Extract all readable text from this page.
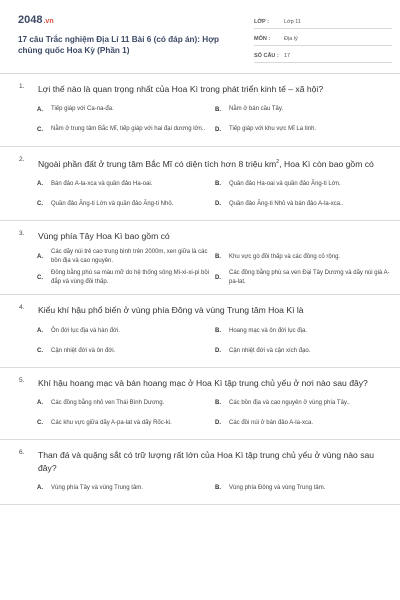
2048.vn
17 câu Trắc nghiệm Địa Lí 11 Bài 6 (có đáp án): Hợp chủng quốc Hoa Kỳ (Phần 1)
LỚP :	Lớp 11
MÔN :	Địa lý
SỐ CÂU : 17
1. Lợi thế nào là quan trọng nhất của Hoa Kì trong phát triển kinh tế – xã hội?
A.	Tiếp giáp với Ca-na-đa.	B.	Nằm ở bán cầu Tây.
C.	Nằm ở trung tâm Bắc Mĩ, tiếp giáp với hai đại dương lớn.. D.	Tiếp giáp với khu vực Mĩ La tinh.
2. Ngoài phần đất ở trung tâm Bắc Mĩ có diện tích hơn 8 triệu $km^2$, Hoa Kì còn bao gồm có
A.	Bán đảo A-la-xca và quần đảo Ha-oai.	B.	Quần đảo Ha-oai và quần đảo Ăng-ti Lớn.
C.	Quần đảo Ăng-ti Lớn và quần đảo Ăng-ti Nhỏ.	D.	Quần đảo Ăng-ti Nhỏ và bán đảo A-la-xca..
3. Vùng phía Tây Hoa Kì bao gồm có
A.
Các dãy núi trẻ cao trung bình trên 2000m, xen giữa là các bồn địa và cao nguyên.
B.	Khu vực gò đồi thấp và các đồng cỏ rộng.
C.
Đồng bằng phù sa màu mỡ do hệ thống sông Mi-xi-xi-pi bồi đắp và vùng đồi thấp.
D.
Các đồng bằng phù sa ven Đại Tây Dương và dãy núi già A-pa-lat.
4. Kiểu khí hậu phổ biến ở vùng phía Đông và vùng Trung tâm Hoa Kì là
A.	Ôn đới lục địa và hàn đới.	B.	Hoang mạc và ôn đới lục địa.
C.	Cận nhiệt đới và ôn đới.	D.	Cận nhiệt đới và cận xích đạo.
5. Khí hậu hoang mạc và bán hoang mạc ở Hoa Kì tập trung chủ yếu ở nơi nào sau đây?
A.	Các đồng bằng nhỏ ven Thái Bình Dương.	B.	Các bồn địa và cao nguyên ở vùng phía Tây..
C.	Các khu vực giữa dãy A-pa-lat và dãy Rốc-ki.	D.	Các đồi núi ở bán đảo A-la-xca.
6. Than đá và quặng sắt có trữ lượng rất lớn của Hoa Kì tập trung chủ yếu ở vùng nào sau đây?
A.	Vùng phía Tây và vùng Trung tâm.	B.	Vùng phía Đông và vùng Trung tâm.
